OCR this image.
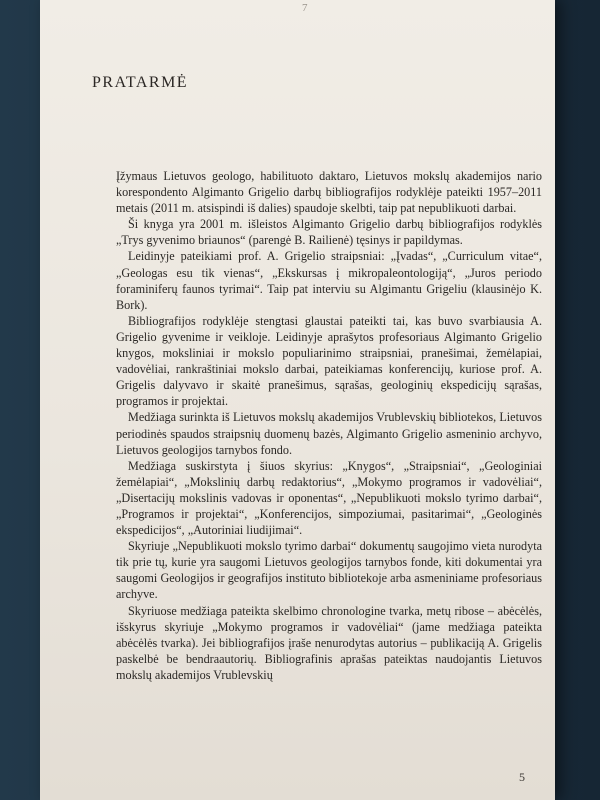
7
PRATARMĖ

Įžymaus Lietuvos geologo, habilituoto daktaro, Lietuvos mokslų akademijos nario korespondento Algimanto Grigelio darbų bibliografijos rodyklėje pateikti 1957–2011 metais (2011 m. atsispindi iš dalies) spaudoje skelbti, taip pat nepublikuoti darbai.

Ši knyga yra 2001 m. išleistos Algimanto Grigelio darbų bibliografijos rodyklės „Trys gyvenimo briaunos“ (parengė B. Railienė) tęsinys ir papildymas.

Leidinyje pateikiami prof. A. Grigelio straipsniai: „Įvadas“, „Curriculum vitae“, „Geologas esu tik vienas“, „Ekskursas į mikropaleontologiją“, „Juros periodo foraminiferų faunos tyrimai“. Taip pat interviu su Algimantu Grigeliu (klausinėjo K. Bork).

Bibliografijos rodyklėje stengtasi glaustai pateikti tai, kas buvo svarbiausia A. Grigelio gyvenime ir veikloje. Leidinyje aprašytos profesoriaus Algimanto Grigelio knygos, moksliniai ir mokslo populiarinimo straipsniai, pranešimai, žemėlapiai, vadovėliai, rankraštiniai mokslo darbai, pateikiamas konferencijų, kuriose prof. A. Grigelis dalyvavo ir skaitė pranešimus, sąrašas, geologinių ekspedicijų sąrašas, programos ir projektai.

Medžiaga surinkta iš Lietuvos mokslų akademijos Vrublevskių bibliotekos, Lietuvos periodinės spaudos straipsnių duomenų bazės, Algimanto Grigelio asmeninio archyvo, Lietuvos geologijos tarnybos fondo.

Medžiaga suskirstyta į šiuos skyrius: „Knygos“, „Straipsniai“, „Geologiniai žemėlapiai“, „Mokslinių darbų redaktorius“, „Mokymo programos ir vadovėliai“, „Disertacijų mokslinis vadovas ir oponentas“, „Nepublikuoti mokslo tyrimo darbai“, „Programos ir projektai“, „Konferencijos, simpoziumai, pasitarimai“, „Geologinės ekspedicijos“, „Autoriniai liudijimai“.

Skyriuje „Nepublikuoti mokslo tyrimo darbai“ dokumentų saugojimo vieta nurodyta tik prie tų, kurie yra saugomi Lietuvos geologijos tarnybos fonde, kiti dokumentai yra saugomi Geologijos ir geografijos instituto bibliotekoje arba asmeniniame profesoriaus archyve.

Skyriuose medžiaga pateikta skelbimo chronologine tvarka, metų ribose – abėcėlės, išskyrus skyriuje „Mokymo programos ir vadovėliai“ (jame medžiaga pateikta abėcėlės tvarka). Jei bibliografijos įraše nenurodytas autorius – publikaciją A. Grigelis paskelbė be bendraautorių. Bibliografinis aprašas pateiktas naudojantis Lietuvos mokslų akademijos Vrublevskių

5
